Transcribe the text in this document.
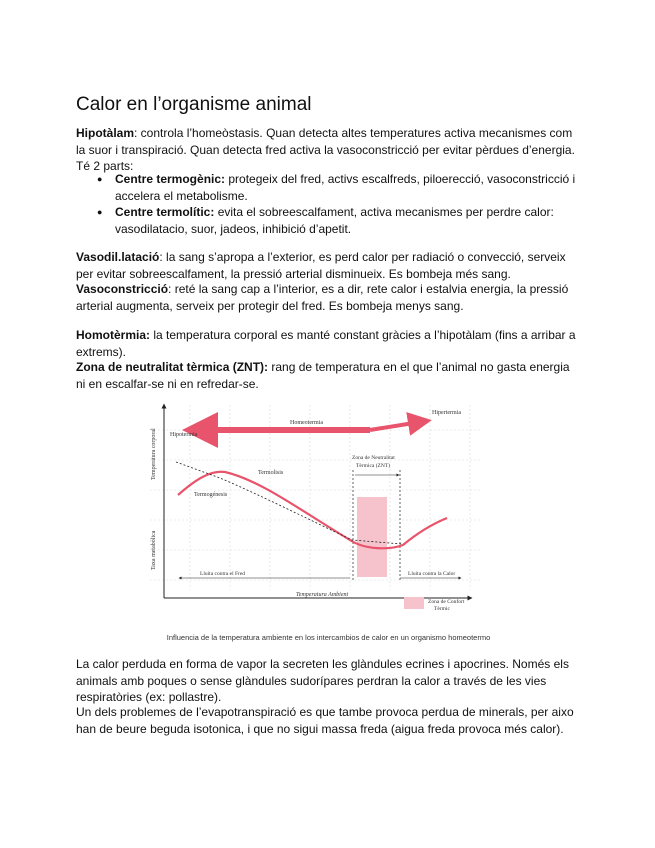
Calor en l’organisme animal
Hipotàlam: controla l’homeòstasis. Quan detecta altes temperatures activa mecanismes com la suor i transpiració. Quan detecta fred activa la vasoconstricció per evitar pèrdues d’energia. Té 2 parts:
● Centre termogènic: protegeix del fred, activs escalfreds, piloerecció, vasoconstricció i accelera el metabolisme.
● Centre termolític: evita el sobreescalfament, activa mecanismes per perdre calor: vasodilatacio, suor, jadeos, inhibició d’apetit.
Vasodil.latació: la sang s’apropa a l’exterior, es perd calor per radiació o convecció, serveix per evitar sobreescalfament, la pressió arterial disminueix. Es bombeja més sang.
Vasoconstricció: reté la sang cap a l’interior, es a dir, rete calor i estalvia energia, la pressió arterial augmenta, serveix per protegir del fred. Es bombeja menys sang.
Homotèrmia: la temperatura corporal es manté constant gràcies a l’hipotàlam (fins a arribar a extrems).
Zona de neutralitat tèrmica (ZNT): rang de temperatura en el que l’animal no gasta energia ni en escalfar-se ni en refredar-se.
Temperatura corporal
Taxa metabòlica
Homeotermia
Hipotermia
Hipertermia
Zona de Neutralitat
Tèrmica (ZNT)
Termolisis
Termogénesis
Lluita contra el Fred	Lluita contra la Calor
Temperatura Ambient
Zona de Confort
Tèrmic
Influencia de la temperatura ambiente en los intercambios de calor en un organismo homeotermo
La calor perduda en forma de vapor la secreten les glàndules ecrines i apocrines. Només els animals amb poques o sense glàndules sudorípares perdran la calor a través de les vies respiratòries (ex: pollastre).
Un dels problemes de l’evapotranspiració es que tambe provoca perdua de minerals, per aixo han de beure beguda isotonica, i que no sigui massa freda (aigua freda provoca més calor).
